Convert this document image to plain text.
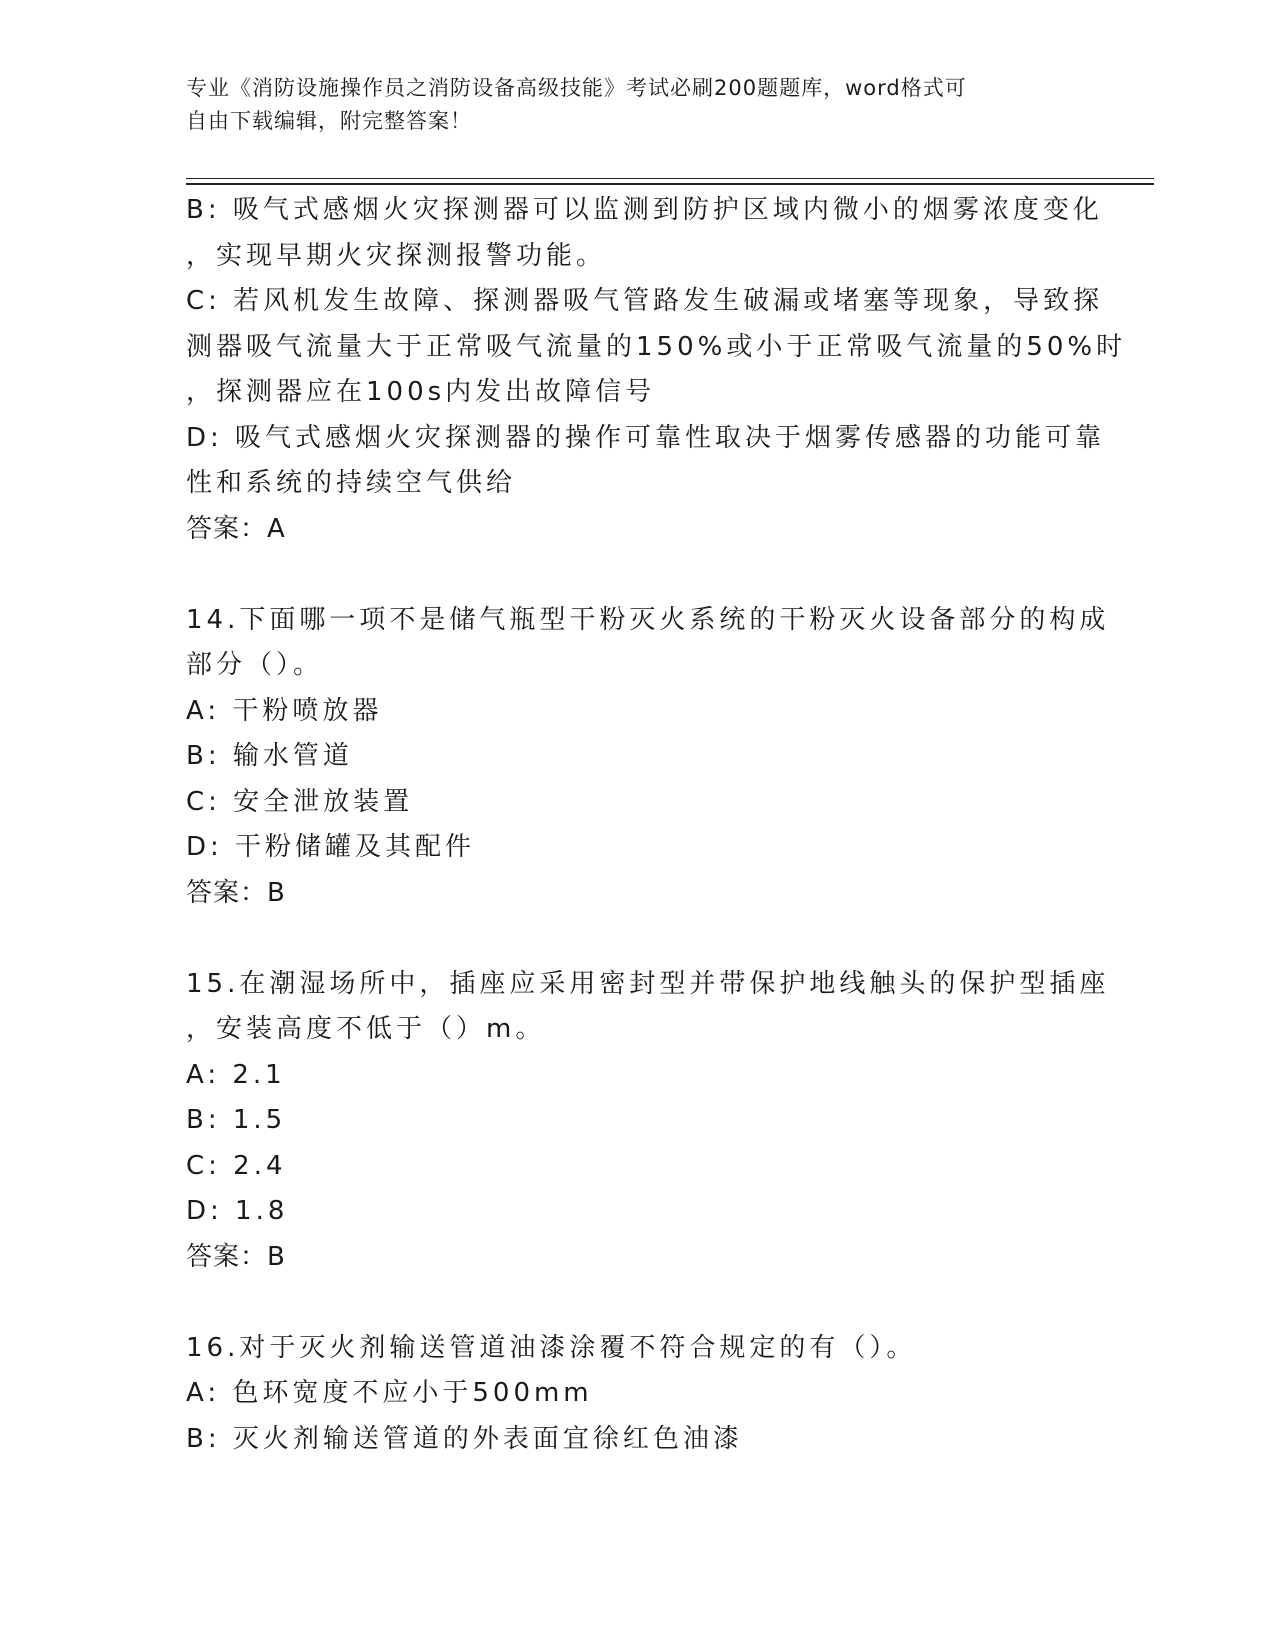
专业《消防设施操作员之消防设备高级技能》考试必刷200题题库，word格式可
自由下载编辑，附完整答案！
B: 吸气式感烟火灾探测器可以监测到防护区域内微小的烟雾浓度变化
，实现早期火灾探测报警功能。
C: 若风机发生故障、探测器吸气管路发生破漏或堵塞等现象，导致探
测器吸气流量大于正常吸气流量的150%或小于正常吸气流量的50%时
，探测器应在100s内发出故障信号
D: 吸气式感烟火灾探测器的操作可靠性取决于烟雾传感器的功能可靠
性和系统的持续空气供给
答案：A
14.下面哪一项不是储气瓶型干粉灭火系统的干粉灭火设备部分的构成
部分（）。
A: 干粉喷放器
B: 输水管道
C: 安全泄放装置
D: 干粉储罐及其配件
答案：B
15.在潮湿场所中，插座应采用密封型并带保护地线触头的保护型插座
，安装高度不低于（）m。
A: 2.1
B: 1.5
C: 2.4
D: 1.8
答案：B
16.对于灭火剂输送管道油漆涂覆不符合规定的有（）。
A: 色环宽度不应小于500mm
B: 灭火剂输送管道的外表面宜徐红色油漆
